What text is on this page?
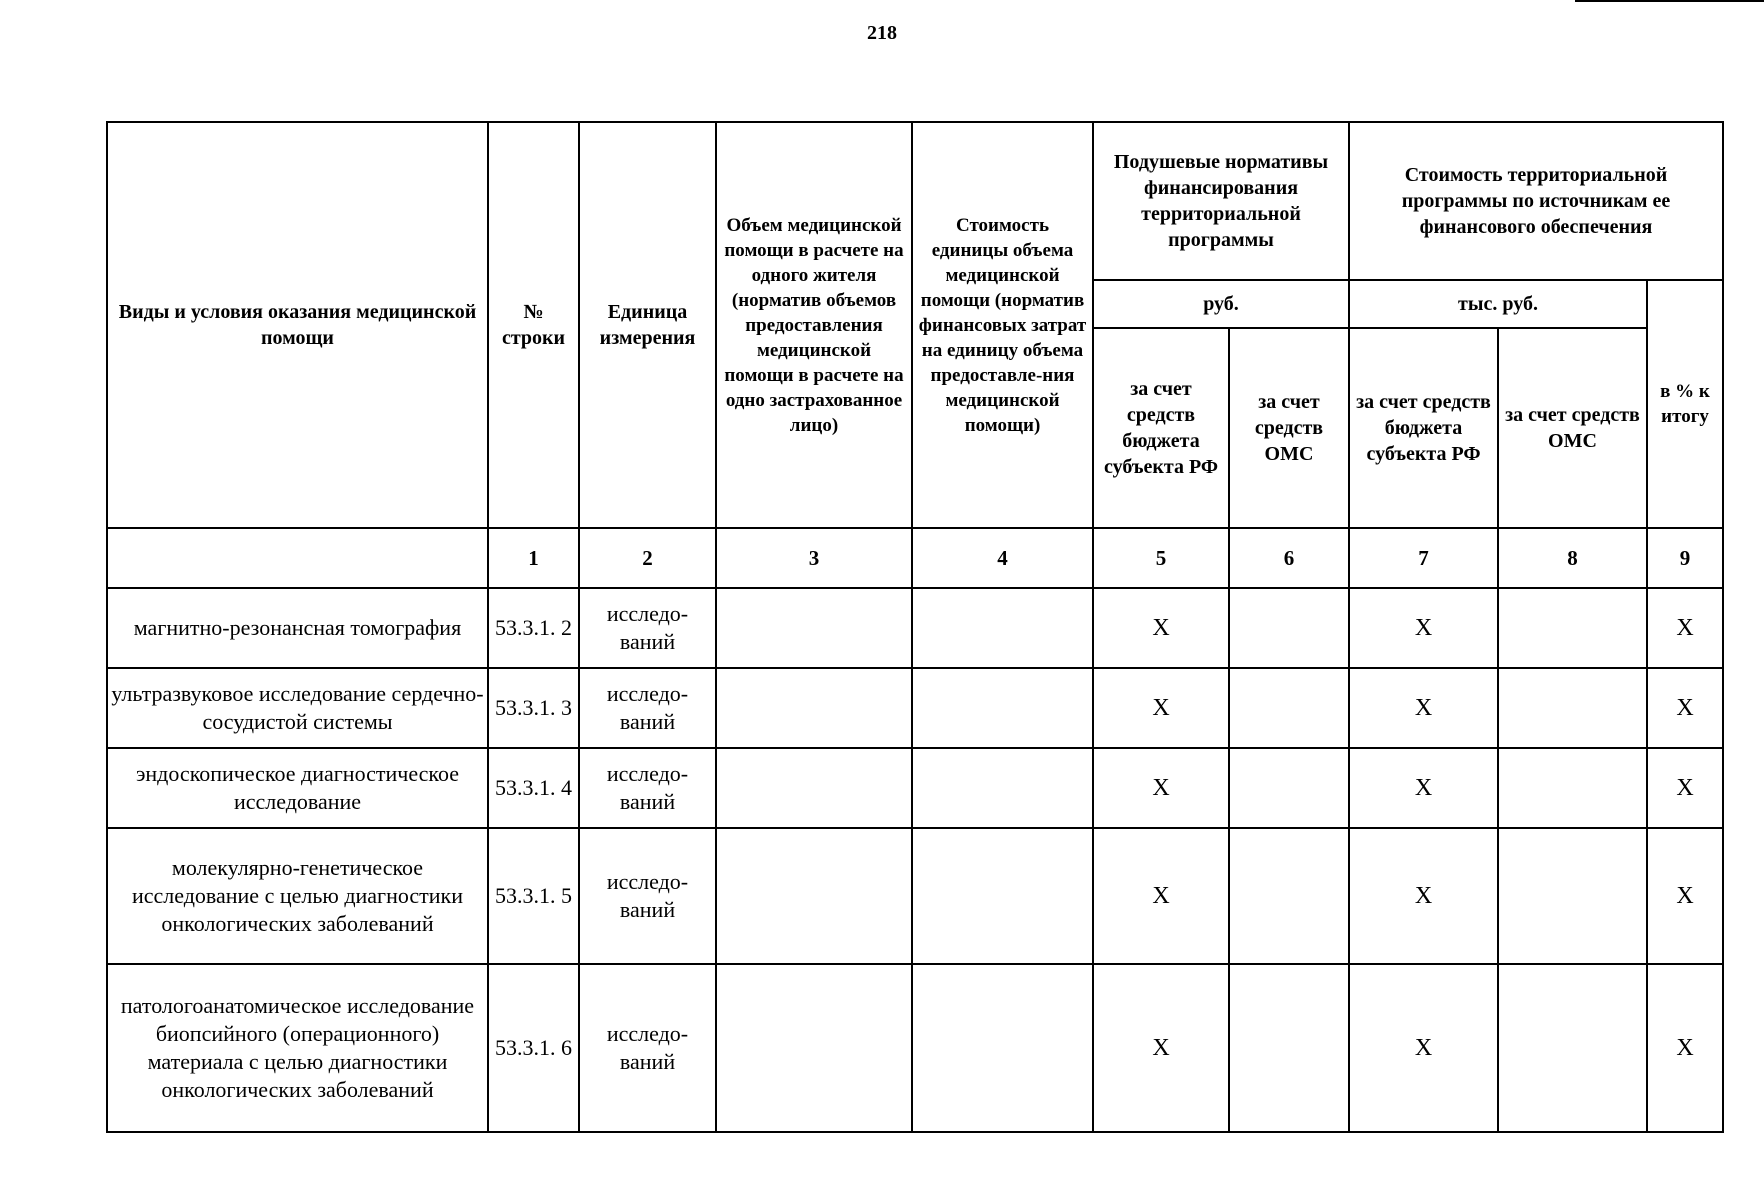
218
Виды и условия оказания медицинской помощи	№ строки	Единица измерения	Объем медицинской помощи в расчете на одного жителя (норматив объемов предоставления медицинской помощи в расчете на одно застрахованное лицо)	Стоимость единицы объема медицинской помощи (норматив финансовых затрат на единицу объема предоставле-ния медицинской помощи)	Подушевые нормативы финансирования территориальной программы		Стоимость территориальной программы по источникам ее финансового обеспечения		
					руб.		тыс. руб.		в % к итогу
					за счет средств бюджета субъекта РФ	за счет средств ОМС	за счет средств бюджета субъекта РФ	за счет средств ОМС	
	1	2	3	4	5	6	7	8	9
магнитно-резонансная томография	53.3.1. 2	исследо- ваний			X		X		X
ультразвуковое исследование сердечно-сосудистой системы	53.3.1. 3	исследо- ваний			X		X		X
эндоскопическое диагностическое исследование	53.3.1. 4	исследо- ваний			X		X		X
молекулярно-генетическое исследование с целью диагностики онкологических заболеваний	53.3.1. 5	исследо- ваний			X		X		X
патологоанатомическое исследование биопсийного (операционного) материала с целью диагностики онкологических заболеваний	53.3.1. 6	исследо- ваний			X		X		X
